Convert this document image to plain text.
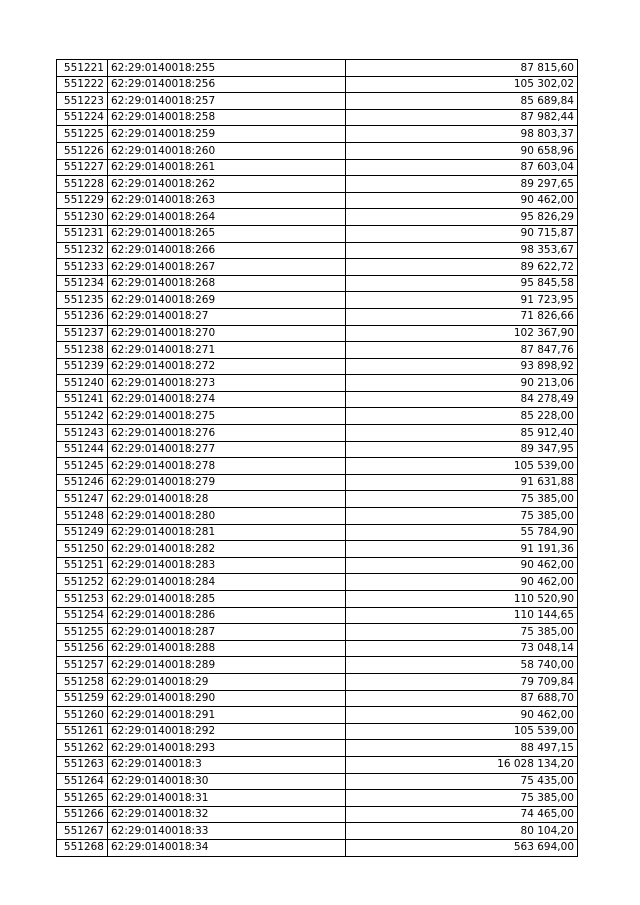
551221	62:29:0140018:255	87 815,60
551222	62:29:0140018:256	105 302,02
551223	62:29:0140018:257	85 689,84
551224	62:29:0140018:258	87 982,44
551225	62:29:0140018:259	98 803,37
551226	62:29:0140018:260	90 658,96
551227	62:29:0140018:261	87 603,04
551228	62:29:0140018:262	89 297,65
551229	62:29:0140018:263	90 462,00
551230	62:29:0140018:264	95 826,29
551231	62:29:0140018:265	90 715,87
551232	62:29:0140018:266	98 353,67
551233	62:29:0140018:267	89 622,72
551234	62:29:0140018:268	95 845,58
551235	62:29:0140018:269	91 723,95
551236	62:29:0140018:27	71 826,66
551237	62:29:0140018:270	102 367,90
551238	62:29:0140018:271	87 847,76
551239	62:29:0140018:272	93 898,92
551240	62:29:0140018:273	90 213,06
551241	62:29:0140018:274	84 278,49
551242	62:29:0140018:275	85 228,00
551243	62:29:0140018:276	85 912,40
551244	62:29:0140018:277	89 347,95
551245	62:29:0140018:278	105 539,00
551246	62:29:0140018:279	91 631,88
551247	62:29:0140018:28	75 385,00
551248	62:29:0140018:280	75 385,00
551249	62:29:0140018:281	55 784,90
551250	62:29:0140018:282	91 191,36
551251	62:29:0140018:283	90 462,00
551252	62:29:0140018:284	90 462,00
551253	62:29:0140018:285	110 520,90
551254	62:29:0140018:286	110 144,65
551255	62:29:0140018:287	75 385,00
551256	62:29:0140018:288	73 048,14
551257	62:29:0140018:289	58 740,00
551258	62:29:0140018:29	79 709,84
551259	62:29:0140018:290	87 688,70
551260	62:29:0140018:291	90 462,00
551261	62:29:0140018:292	105 539,00
551262	62:29:0140018:293	88 497,15
551263	62:29:0140018:3	16 028 134,20
551264	62:29:0140018:30	75 435,00
551265	62:29:0140018:31	75 385,00
551266	62:29:0140018:32	74 465,00
551267	62:29:0140018:33	80 104,20
551268	62:29:0140018:34	563 694,00
